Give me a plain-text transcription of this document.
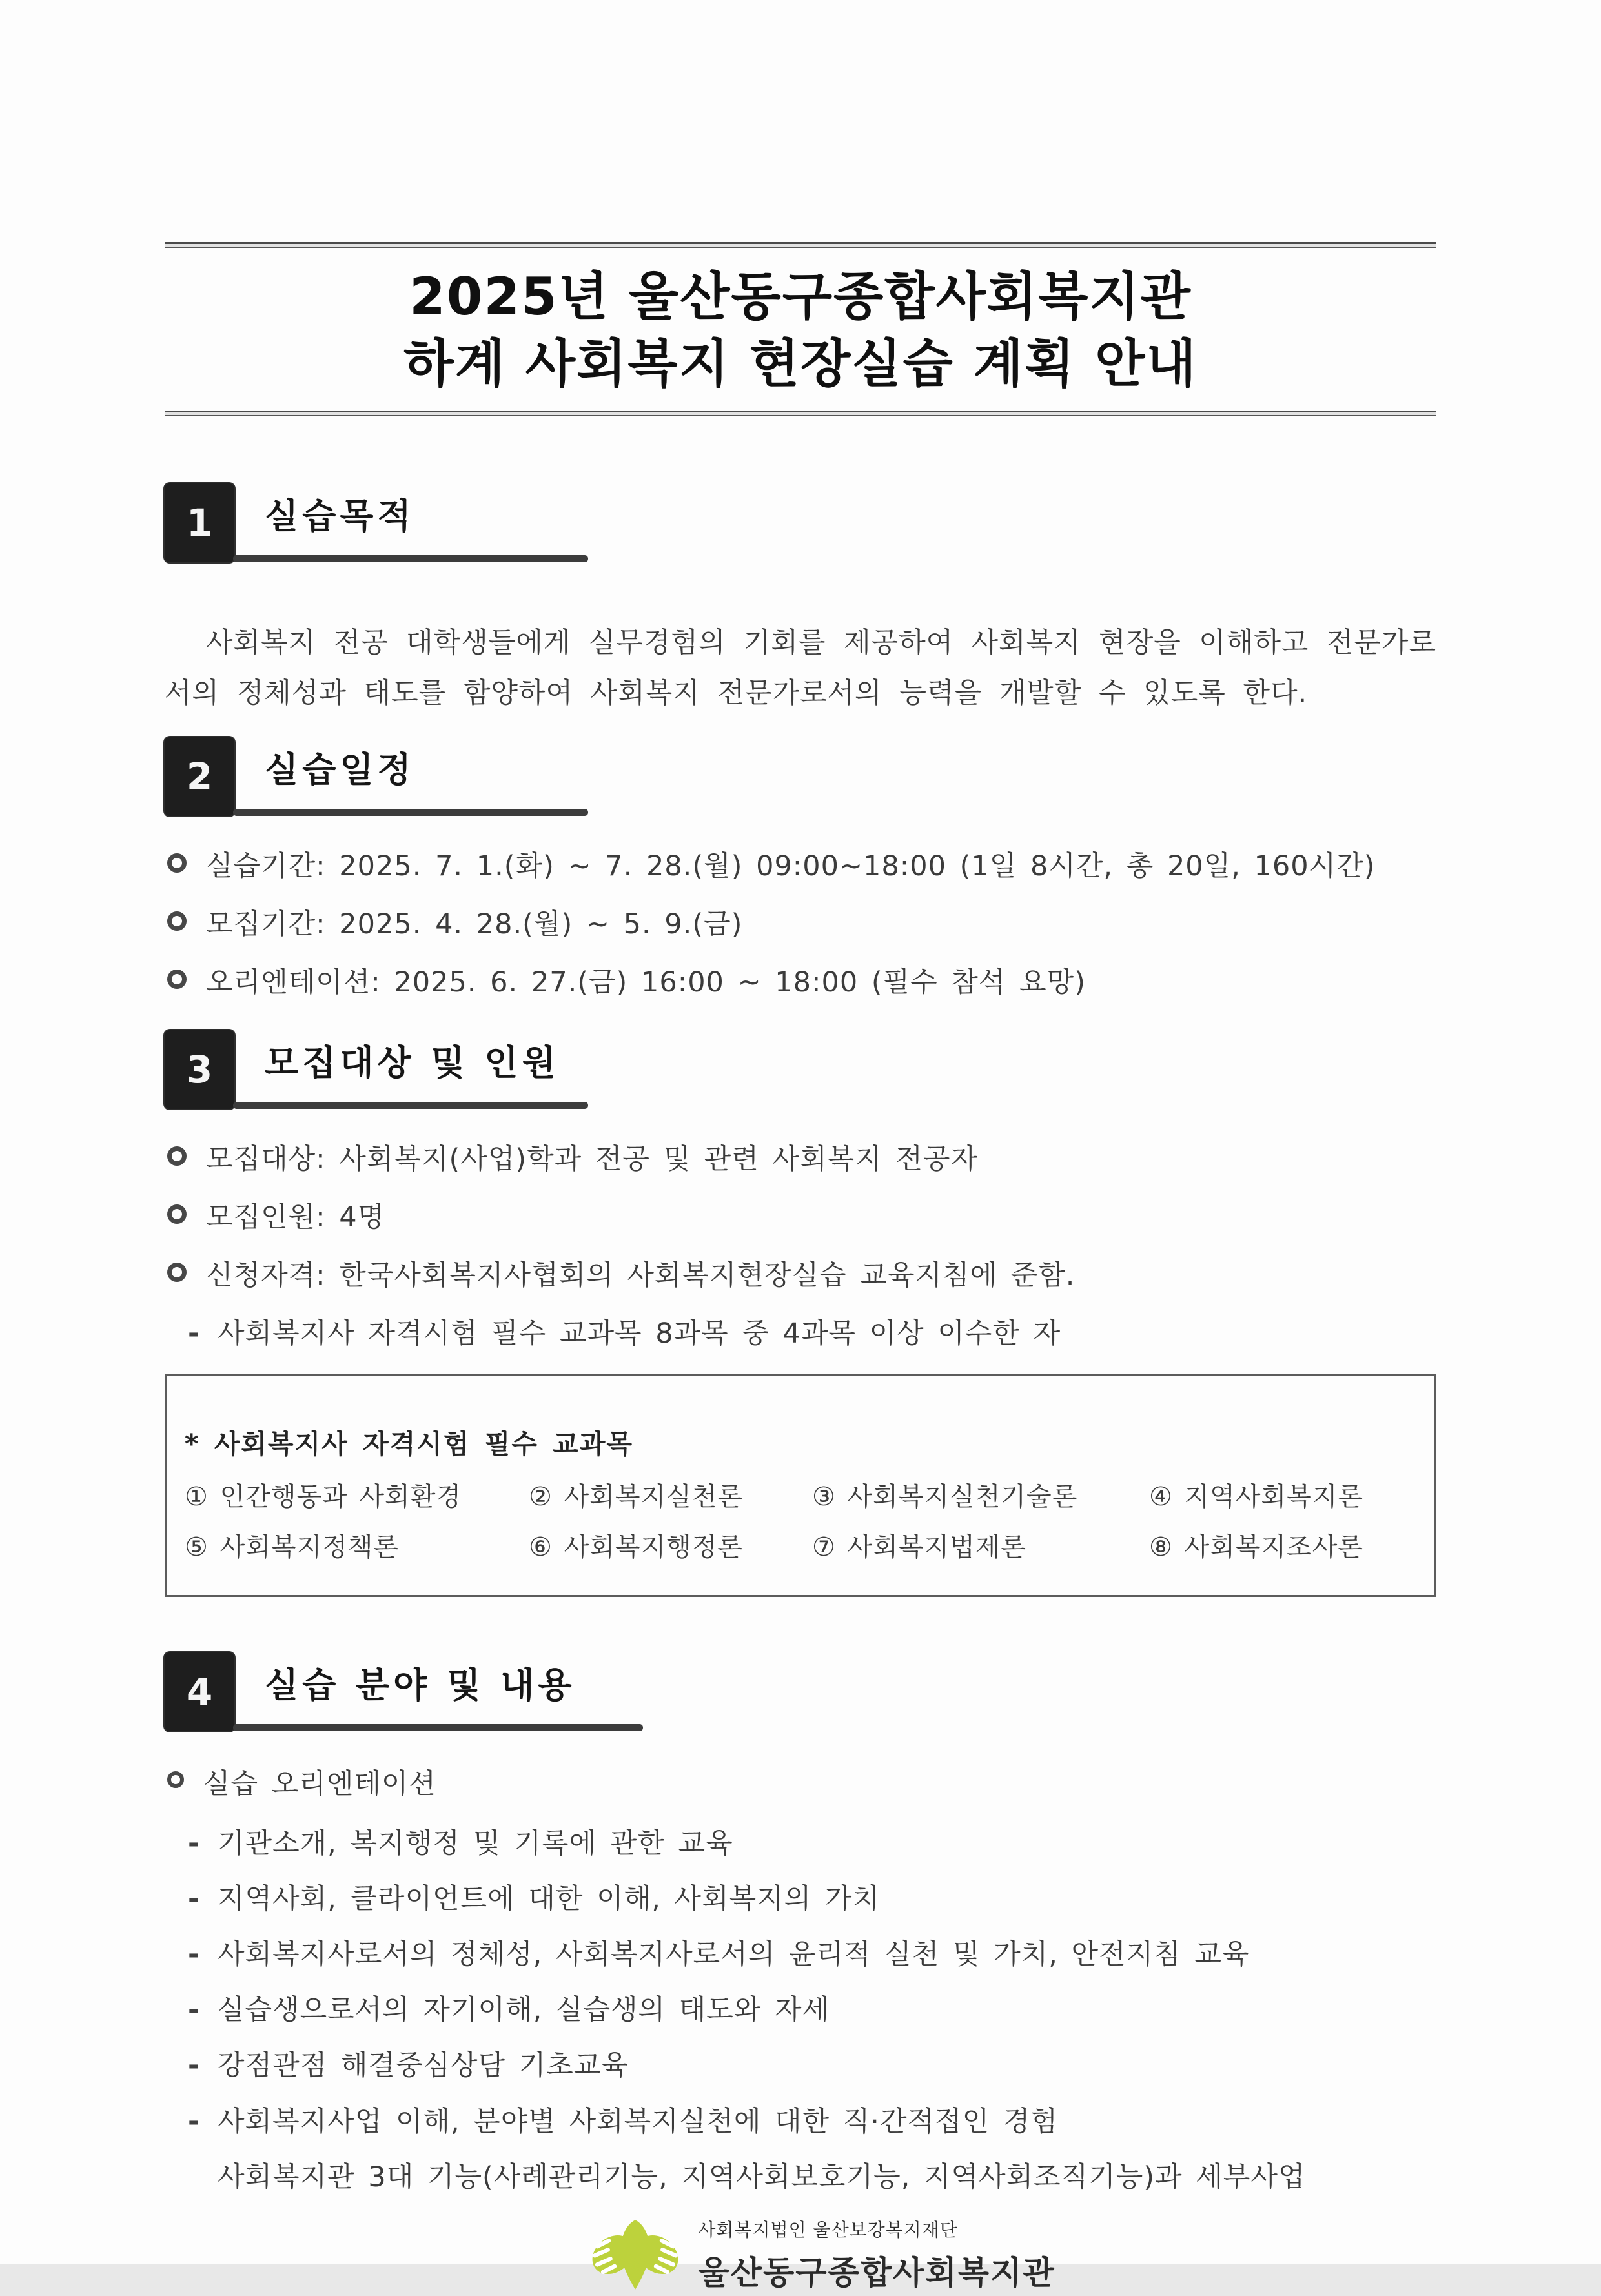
2025년 울산동구종합사회복지관
하계 사회복지 현장실습 계획 안내
1	실습목적
사회복지 전공 대학생들에게 실무경험의 기회를 제공하여 사회복지 현장을 이해하고 전문가로서의 정체성과 태도를 함양하여 사회복지 전문가로서의 능력을 개발할 수 있도록 한다.
2	실습일정
실습기간: 2025. 7. 1.(화) ~ 7. 28.(월) 09:00~18:00 (1일 8시간, 총 20일, 160시간)
모집기간: 2025. 4. 28.(월) ~ 5. 9.(금)
오리엔테이션: 2025. 6. 27.(금) 16:00 ~ 18:00 (필수 참석 요망)
3	모집대상 및 인원
모집대상: 사회복지(사업)학과 전공 및 관련 사회복지 전공자
모집인원: 4명
신청자격: 한국사회복지사협회의 사회복지현장실습 교육지침에 준함.
- 사회복지사 자격시험 필수 교과목 8과목 중 4과목 이상 이수한 자
* 사회복지사 자격시험 필수 교과목
① 인간행동과 사회환경	② 사회복지실천론	③ 사회복지실천기술론	④ 지역사회복지론
⑤ 사회복지정책론	⑥ 사회복지행정론	⑦ 사회복지법제론	⑧ 사회복지조사론
4	실습 분야 및 내용
실습 오리엔테이션
- 기관소개, 복지행정 및 기록에 관한 교육
- 지역사회, 클라이언트에 대한 이해, 사회복지의 가치
- 사회복지사로서의 정체성, 사회복지사로서의 윤리적 실천 및 가치, 안전지침 교육
- 실습생으로서의 자기이해, 실습생의 태도와 자세
- 강점관점 해결중심상담 기초교육
- 사회복지사업 이해, 분야별 사회복지실천에 대한 직·간적접인 경험
사회복지관 3대 기능(사례관리기능, 지역사회보호기능, 지역사회조직기능)과 세부사업
사회복지법인 울산보강복지재단
울산동구종합사회복지관
